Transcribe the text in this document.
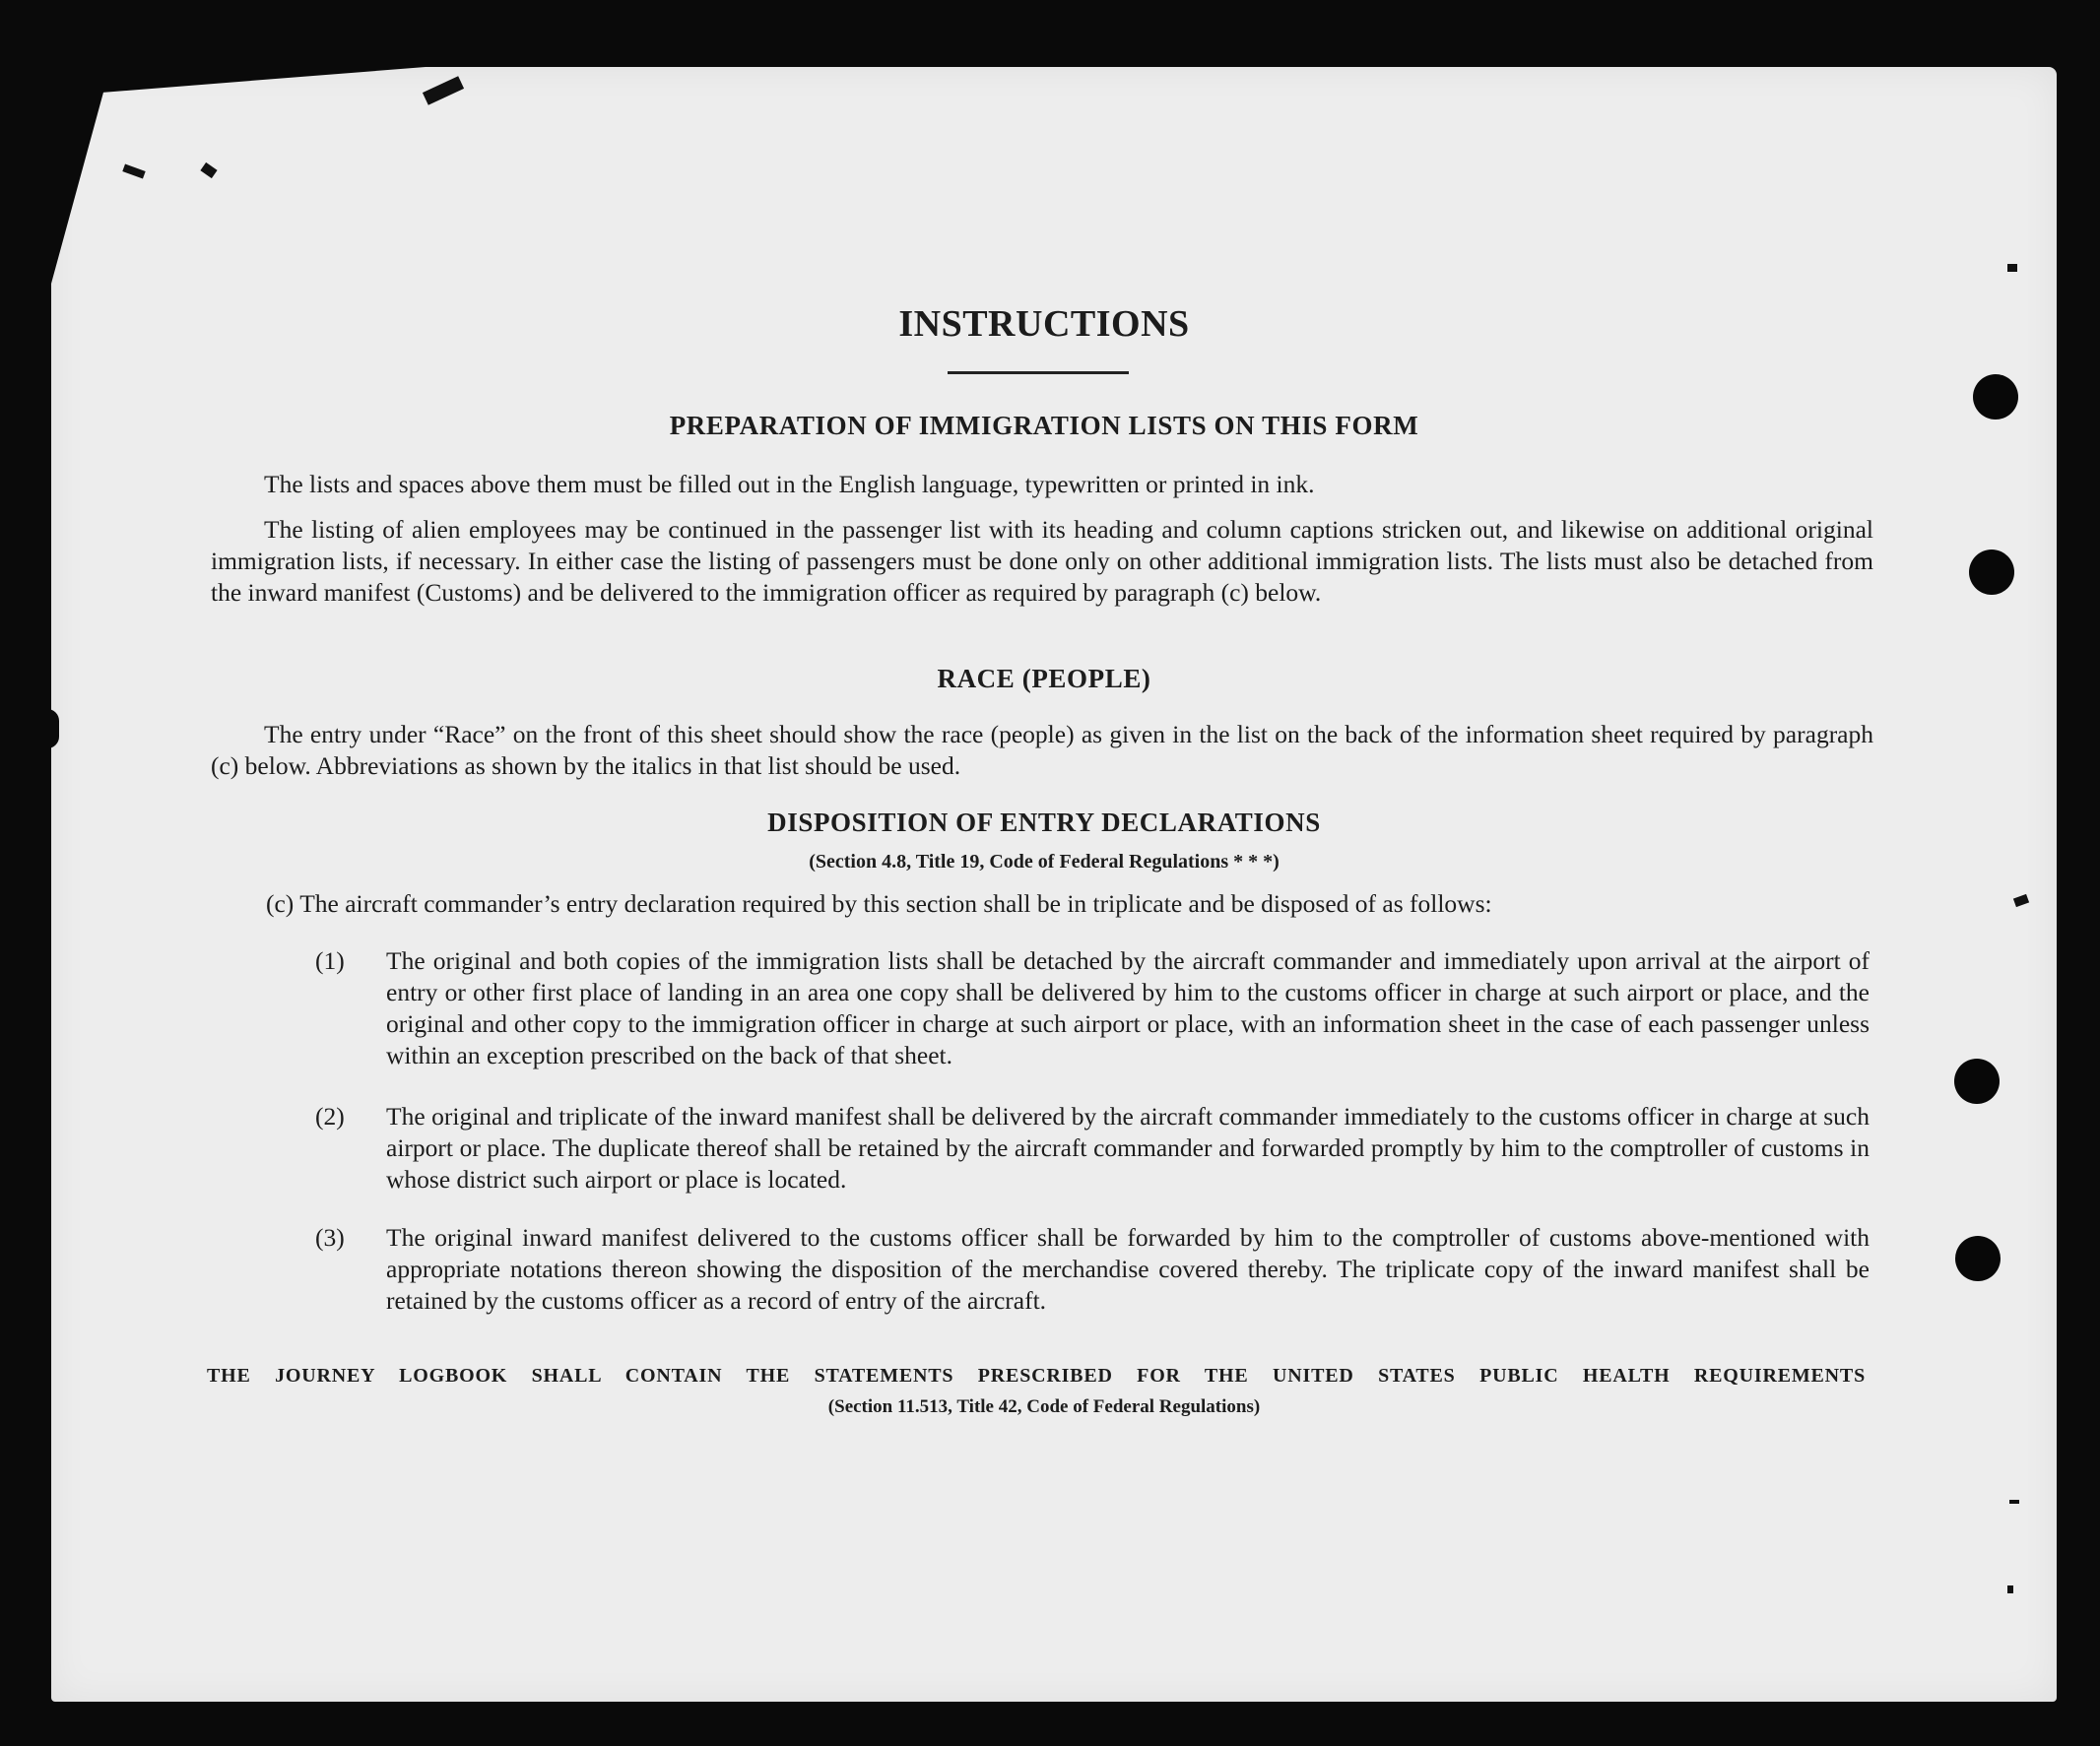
INSTRUCTIONS
PREPARATION OF IMMIGRATION LISTS ON THIS FORM
The lists and spaces above them must be filled out in the English language, typewritten or printed in ink.
The listing of alien employees may be continued in the passenger list with its heading and column captions stricken out, and likewise on additional original immigration lists, if necessary. In either case the listing of passengers must be done only on other additional immigration lists. The lists must also be detached from the inward manifest (Customs) and be delivered to the immigration officer as required by paragraph (c) below.
RACE (PEOPLE)
The entry under “Race” on the front of this sheet should show the race (people) as given in the list on the back of the information sheet required by paragraph (c) below. Abbreviations as shown by the italics in that list should be used.
DISPOSITION OF ENTRY DECLARATIONS
(Section 4.8, Title 19, Code of Federal Regulations * * *)
(c) The aircraft commander’s entry declaration required by this section shall be in triplicate and be disposed of as follows:
(1) The original and both copies of the immigration lists shall be detached by the aircraft commander and immediately upon arrival at the airport of entry or other first place of landing in an area one copy shall be delivered by him to the customs officer in charge at such airport or place, and the original and other copy to the immigration officer in charge at such airport or place, with an information sheet in the case of each passenger unless within an exception prescribed on the back of that sheet.
(2) The original and triplicate of the inward manifest shall be delivered by the aircraft commander immediately to the customs officer in charge at such airport or place. The duplicate thereof shall be retained by the aircraft commander and forwarded promptly by him to the comptroller of customs in whose district such airport or place is located.
(3) The original inward manifest delivered to the customs officer shall be forwarded by him to the comptroller of customs above-mentioned with appropriate notations thereon showing the disposition of the merchandise covered thereby. The triplicate copy of the inward manifest shall be retained by the customs officer as a record of entry of the aircraft.
THE JOURNEY LOGBOOK SHALL CONTAIN THE STATEMENTS PRESCRIBED FOR THE UNITED STATES PUBLIC HEALTH REQUIREMENTS
(Section 11.513, Title 42, Code of Federal Regulations)
